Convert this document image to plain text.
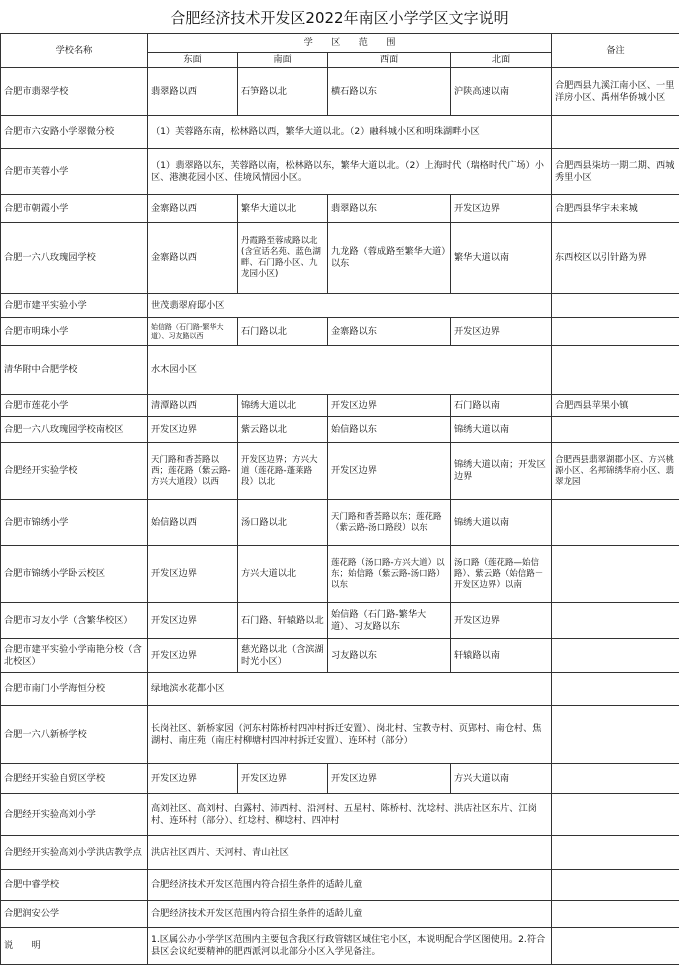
合肥经济技术开发区2022年南区小学学区文字说明
学校名称	学　　区　　范　　围				备注
	东面	南面	西面	北面	
合肥市翡翠学校	翡翠路以西	石笋路以北	横石路以东	沪陕高速以南	合肥西县九溪江南小区、一里洋房小区、禹州华侨城小区
合肥市六安路小学翠微分校	（1）芙蓉路东南，松林路以西，繁华大道以北。（2）融科城小区和明珠湖畔小区				
合肥市芙蓉小学	（1）翡翠路以东，芙蓉路以南，松林路以东，繁华大道以北。（2）上海时代（瑞格时代广场）小区、港澳花园小区、佳境风情园小区。				合肥西县柒坊一期二期、西城秀里小区
合肥市朝霞小学	金寨路以西	繁华大道以北	翡翠路以东	开发区边界	合肥西县华宇未来城
合肥一六八玫瑰园学校	金寨路以西	丹霞路至蓉成路以北(含宣话名苑、蓝色湖畔、石门路小区、九龙园小区)	九龙路（蓉成路至繁华大道）以东	繁华大道以南	东西校区以引针路为界
合肥市建平实验小学	世茂翡翠府邸小区				
合肥市明珠小学	始信路（石门路-繁华大道）、习友路以西	石门路以北	金寨路以东	开发区边界	
清华附中合肥学校	水木园小区				
合肥市莲花小学	清潭路以西	锦绣大道以北	开发区边界	石门路以南	合肥西县苹果小镇
合肥一六八玫瑰园学校南校区	开发区边界	紫云路以北	始信路以东	锦绣大道以南	
合肥经开实验学校	天门路和香荟路以西；莲花路（紫云路-方兴大道段）以西	开发区边界；方兴大道（莲花路-蓬莱路段）以北	开发区边界	锦绣大道以南；开发区边界	合肥西县翡翠湖郡小区、方兴桃源小区、名邦锦绣华府小区、翡翠龙园
合肥市锦绣小学	始信路以西	汤口路以北	天门路和香荟路以东；莲花路（紫云路-汤口路段）以东	锦绣大道以南	
合肥市锦绣小学卧云校区	开发区边界	方兴大道以北	莲花路（汤口路-方兴大道）以东；始信路（紫云路-汤口路）以东	汤口路（莲花路—始信路）、紫云路（始信路－开发区边界）以南	
合肥市习友小学（含繁华校区）	开发区边界	石门路、轩辕路以北	始信路（石门路-繁华大道）、习友路以东	开发区边界	
合肥市建平实验小学南艳分校（含北校区）	开发区边界	慈光路以北（含滨湖时光小区）	习友路以东	轩辕路以南	
合肥市南门小学海恒分校	绿地滨水花都小区				
合肥一六八新桥学校	长岗社区、新桥家园（河东村陈桥村四冲村拆迁安置）、岗北村、宝教寺村、页郢村、南仓村、焦湖村、南庄苑（南庄村柳塘村四冲村拆迁安置）、连环村（部分）				
合肥经开实验自贸区学校	开发区边界	开发区边界	开发区边界	方兴大道以南	
合肥经开实验高刘小学	高刘社区、高刘村、白露村、沛西村、沿河村、五星村、陈桥村、沈埝村、洪店社区东片、江岗村、连环村（部分）、红埝村、柳埝村、四冲村				
合肥经开实验高刘小学洪店教学点	洪店社区西片、天河村、青山社区				
合肥中睿学校	合肥经济技术开发区范围内符合招生条件的适龄儿童				
合肥润安公学	合肥经济技术开发区范围内符合招生条件的适龄儿童				
说　　明	1.区属公办小学学区范围内主要包含我区行政管辖区域住宅小区，本说明配合学区图使用。2.符合县区会议纪要精神的肥西派河以北部分小区入学见备注。				
